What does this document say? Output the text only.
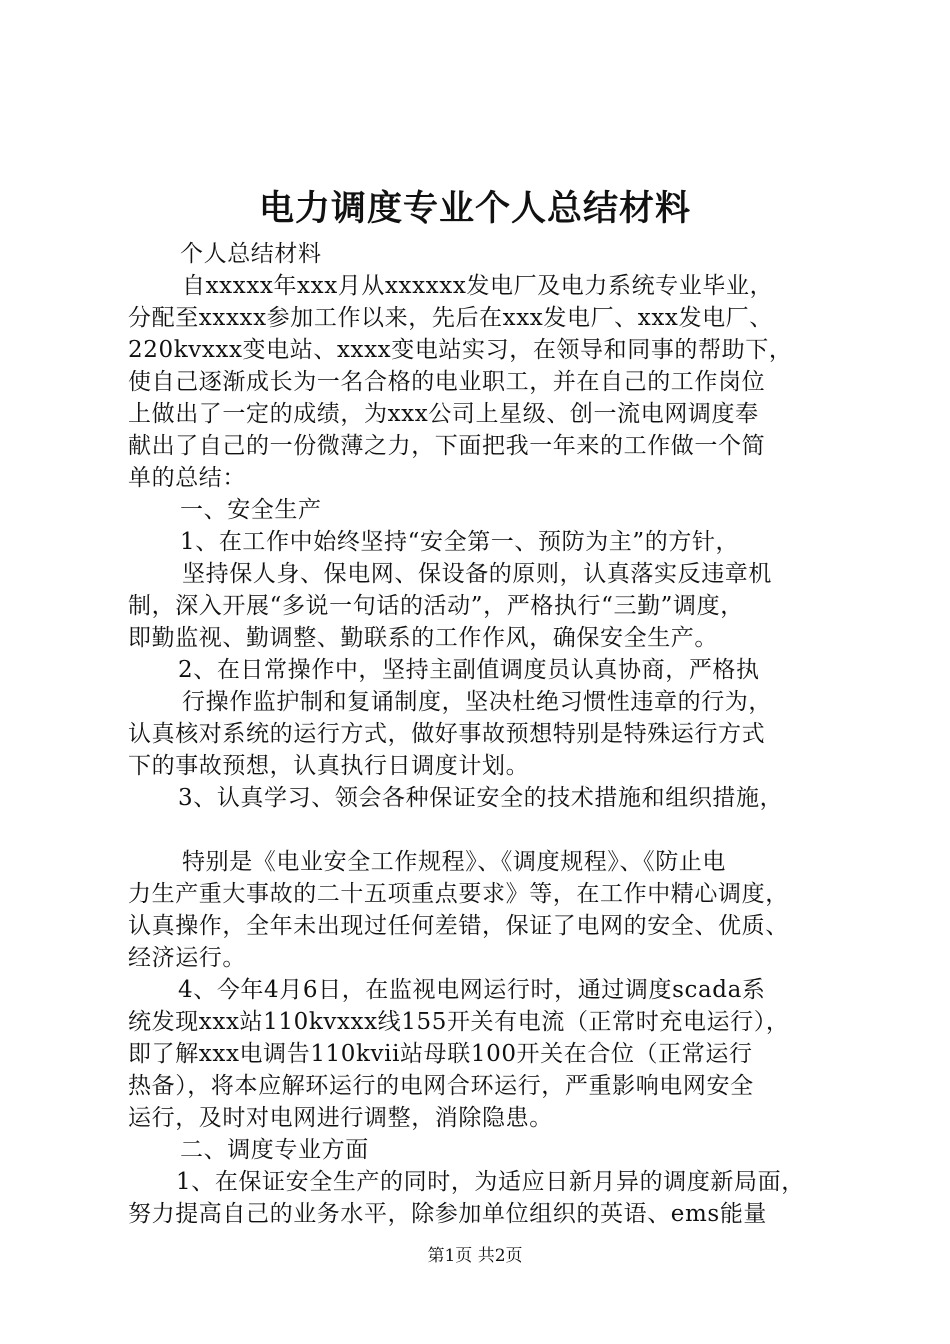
电力调度专业个人总结材料
个人总结材料
自xxxxx年xxx月从xxxxxx发电厂及电力系统专业毕业，
分配至xxxxx参加工作以来，先后在xxx发电厂、xxx发电厂、
220kvxxx变电站、xxxx变电站实习，在领导和同事的帮助下，
使自己逐渐成长为一名合格的电业职工，并在自己的工作岗位
上做出了一定的成绩，为xxx公司上星级、创一流电网调度奉
献出了自己的一份微薄之力，下面把我一年来的工作做一个简
单的总结：
一、安全生产
1、在工作中始终坚持“安全第一、预防为主”的方针，
坚持保人身、保电网、保设备的原则，认真落实反违章机
制，深入开展“多说一句话的活动”，严格执行“三勤”调度，
即勤监视、勤调整、勤联系的工作作风，确保安全生产。
2、在日常操作中，坚持主副值调度员认真协商，严格执
行操作监护制和复诵制度，坚决杜绝习惯性违章的行为，
认真核对系统的运行方式，做好事故预想特别是特殊运行方式
下的事故预想，认真执行日调度计划。
3、认真学习、领会各种保证安全的技术措施和组织措施，
特别是《电业安全工作规程》、《调度规程》、《防止电
力生产重大事故的二十五项重点要求》等，在工作中精心调度，
认真操作，全年未出现过任何差错，保证了电网的安全、优质、
经济运行。
4、今年4月6日，在监视电网运行时，通过调度scada系
统发现xxx站110kvxxx线155开关有电流（正常时充电运行），
即了解xxx电调告110kvii站母联100开关在合位（正常运行
热备），将本应解环运行的电网合环运行，严重影响电网安全
运行，及时对电网进行调整，消除隐患。
二、调度专业方面
1、在保证安全生产的同时，为适应日新月异的调度新局面，
努力提高自己的业务水平，除参加单位组织的英语、ems能量
第1页 共2页
